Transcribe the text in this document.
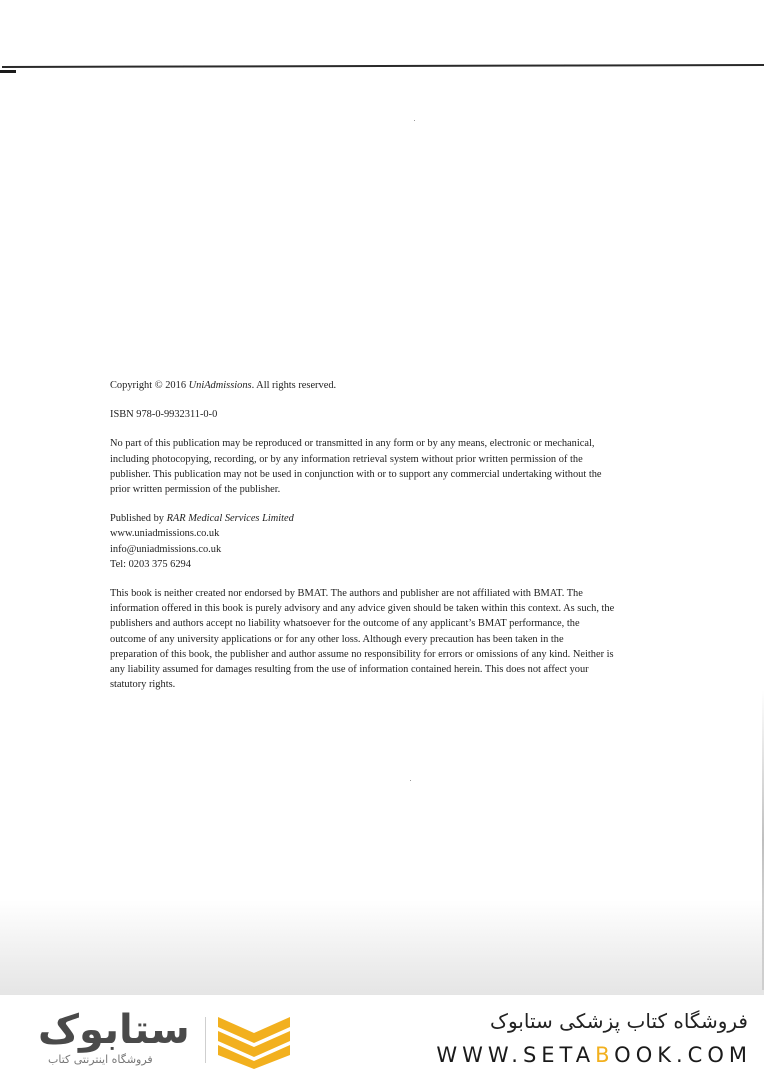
Copyright © 2016 UniAdmissions. All rights reserved.

ISBN 978-0-9932311-0-0

No part of this publication may be reproduced or transmitted in any form or by any means, electronic or mechanical,
including photocopying, recording, or by any information retrieval system without prior written permission of the
publisher. This publication may not be used in conjunction with or to support any commercial undertaking without the
prior written permission of the publisher.

Published by RAR Medical Services Limited
www.uniadmissions.co.uk
info@uniadmissions.co.uk
Tel: 0203 375 6294

This book is neither created nor endorsed by BMAT. The authors and publisher are not affiliated with BMAT. The
information offered in this book is purely advisory and any advice given should be taken within this context. As such, the
publishers and authors accept no liability whatsoever for the outcome of any applicant’s BMAT performance, the
outcome of any university applications or for any other loss. Although every precaution has been taken in the
preparation of this book, the publisher and author assume no responsibility for errors or omissions of any kind. Neither is
any liability assumed for damages resulting from the use of information contained herein. This does not affect your
statutory rights.

ستابوک
فروشگاه اینترنتی کتاب
فروشگاه کتاب پزشکی ستابوک
WWW.SETABOOK.COM
